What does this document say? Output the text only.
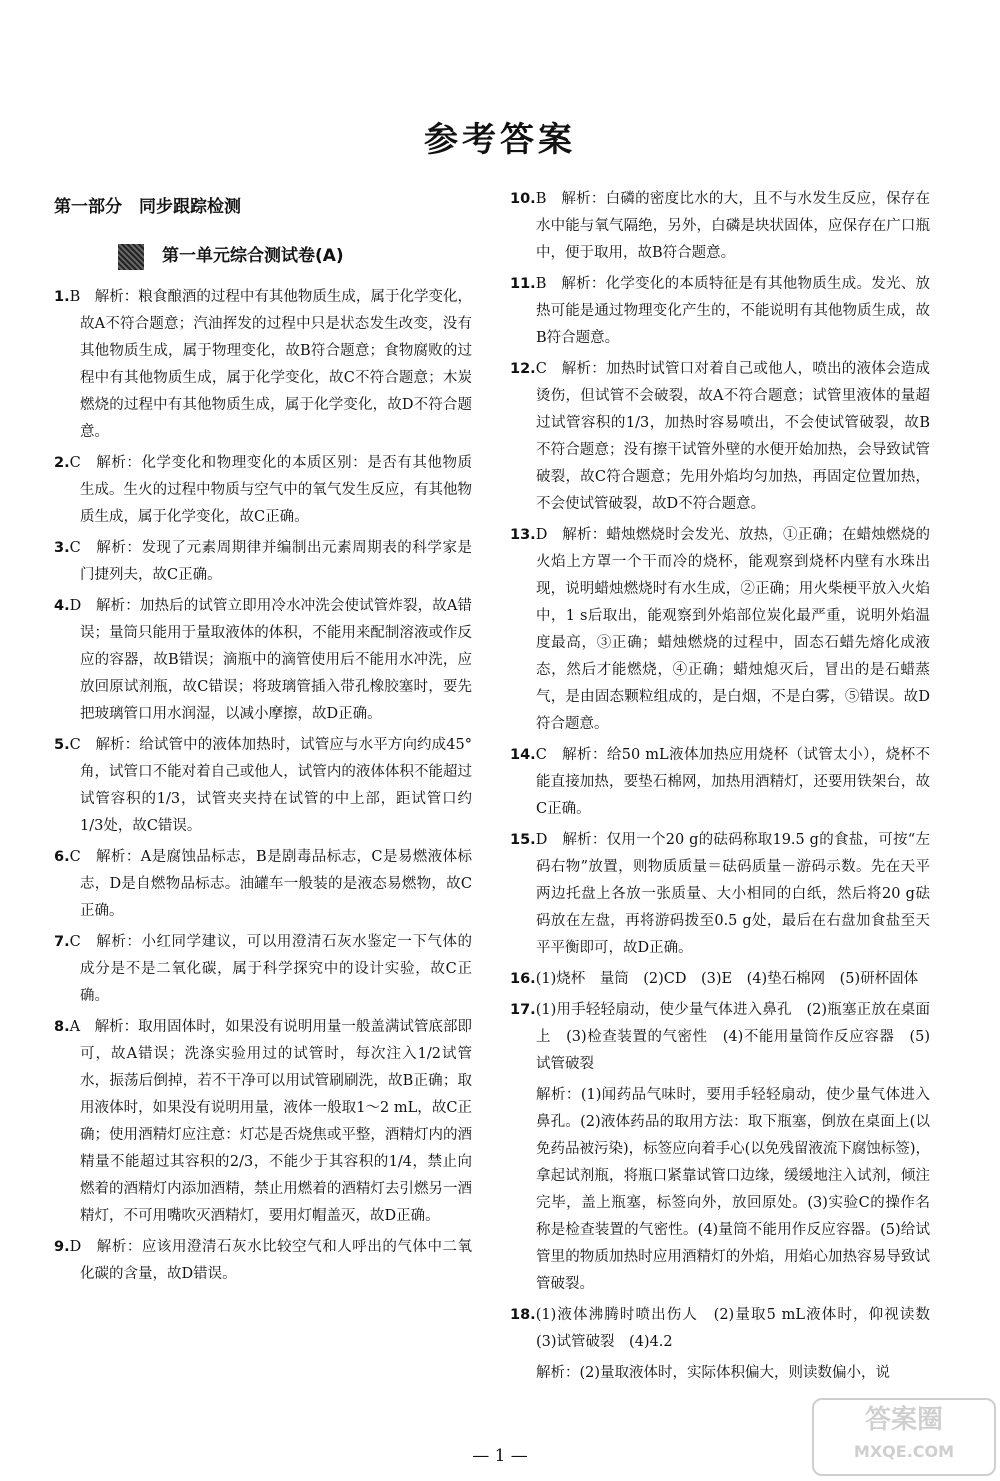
参考答案
第一部分　同步跟踪检测
第一单元综合测试卷(A)
1.B　解析：粮食酿酒的过程中有其他物质生成，属于化学变化，故A不符合题意；汽油挥发的过程中只是状态发生改变，没有其他物质生成，属于物理变化，故B符合题意；食物腐败的过程中有其他物质生成，属于化学变化，故C不符合题意；木炭燃烧的过程中有其他物质生成，属于化学变化，故D不符合题意。
2.C　解析：化学变化和物理变化的本质区别：是否有其他物质生成。生火的过程中物质与空气中的氧气发生反应，有其他物质生成，属于化学变化，故C正确。
3.C　解析：发现了元素周期律并编制出元素周期表的科学家是门捷列夫，故C正确。
4.D　解析：加热后的试管立即用冷水冲洗会使试管炸裂，故A错误；量筒只能用于量取液体的体积，不能用来配制溶液或作反应的容器，故B错误；滴瓶中的滴管使用后不能用水冲洗，应放回原试剂瓶，故C错误；将玻璃管插入带孔橡胶塞时，要先把玻璃管口用水润湿，以减小摩擦，故D正确。
5.C　解析：给试管中的液体加热时，试管应与水平方向约成45°角，试管口不能对着自己或他人，试管内的液体体积不能超过试管容积的1/3，试管夹夹持在试管的中上部，距试管口约1/3处，故C错误。
6.C　解析：A是腐蚀品标志，B是剧毒品标志，C是易燃液体标志，D是自燃物品标志。油罐车一般装的是液态易燃物，故C正确。
7.C　解析：小红同学建议，可以用澄清石灰水鉴定一下气体的成分是不是二氧化碳，属于科学探究中的设计实验，故C正确。
8.A　解析：取用固体时，如果没有说明用量一般盖满试管底部即可，故A错误；洗涤实验用过的试管时，每次注入1/2试管水，振荡后倒掉，若不干净可以用试管刷刷洗，故B正确；取用液体时，如果没有说明用量，液体一般取1～2 mL，故C正确；使用酒精灯应注意：灯芯是否烧焦或平整，酒精灯内的酒精量不能超过其容积的2/3，不能少于其容积的1/4，禁止向燃着的酒精灯内添加酒精，禁止用燃着的酒精灯去引燃另一酒精灯，不可用嘴吹灭酒精灯，要用灯帽盖灭，故D正确。
9.D　解析：应该用澄清石灰水比较空气和人呼出的气体中二氧化碳的含量，故D错误。
10.B　解析：白磷的密度比水的大，且不与水发生反应，保存在水中能与氧气隔绝，另外，白磷是块状固体，应保存在广口瓶中，便于取用，故B符合题意。
11.B　解析：化学变化的本质特征是有其他物质生成。发光、放热可能是通过物理变化产生的，不能说明有其他物质生成，故B符合题意。
12.C　解析：加热时试管口对着自己或他人，喷出的液体会造成烫伤，但试管不会破裂，故A不符合题意；试管里液体的量超过试管容积的1/3，加热时容易喷出，不会使试管破裂，故B不符合题意；没有擦干试管外壁的水便开始加热，会导致试管破裂，故C符合题意；先用外焰均匀加热，再固定位置加热，不会使试管破裂，故D不符合题意。
13.D　解析：蜡烛燃烧时会发光、放热，①正确；在蜡烛燃烧的火焰上方罩一个干而冷的烧杯，能观察到烧杯内壁有水珠出现，说明蜡烛燃烧时有水生成，②正确；用火柴梗平放入火焰中，1 s后取出，能观察到外焰部位炭化最严重，说明外焰温度最高，③正确；蜡烛燃烧的过程中，固态石蜡先熔化成液态，然后才能燃烧，④正确；蜡烛熄灭后，冒出的是石蜡蒸气，是由固态颗粒组成的，是白烟，不是白雾，⑤错误。故D符合题意。
14.C　解析：给50 mL液体加热应用烧杯（试管太小），烧杯不能直接加热，要垫石棉网，加热用酒精灯，还要用铁架台，故C正确。
15.D　解析：仅用一个20 g的砝码称取19.5 g的食盐，可按“左码右物”放置，则物质质量＝砝码质量－游码示数。先在天平两边托盘上各放一张质量、大小相同的白纸，然后将20 g砝码放在左盘，再将游码拨至0.5 g处，最后在右盘加食盐至天平平衡即可，故D正确。
16.(1)烧杯　量筒　(2)CD　(3)E　(4)垫石棉网　(5)研杯固体
17.(1)用手轻轻扇动，使少量气体进入鼻孔　(2)瓶塞正放在桌面上　(3)检查装置的气密性　(4)不能用量筒作反应容器　(5)试管破裂
解析：(1)闻药品气味时，要用手轻轻扇动，使少量气体进入鼻孔。(2)液体药品的取用方法：取下瓶塞，倒放在桌面上(以免药品被污染)，标签应向着手心(以免残留液流下腐蚀标签)，拿起试剂瓶，将瓶口紧靠试管口边缘，缓缓地注入试剂，倾注完毕，盖上瓶塞，标签向外，放回原处。(3)实验C的操作名称是检查装置的气密性。(4)量筒不能用作反应容器。(5)给试管里的物质加热时应用酒精灯的外焰，用焰心加热容易导致试管破裂。
18.(1)液体沸腾时喷出伤人　(2)量取5 mL液体时，仰视读数　(3)试管破裂　(4)4.2
解析：(2)量取液体时，实际体积偏大，则读数偏小，说
— 1 —
答案圈
MXQE.COM
